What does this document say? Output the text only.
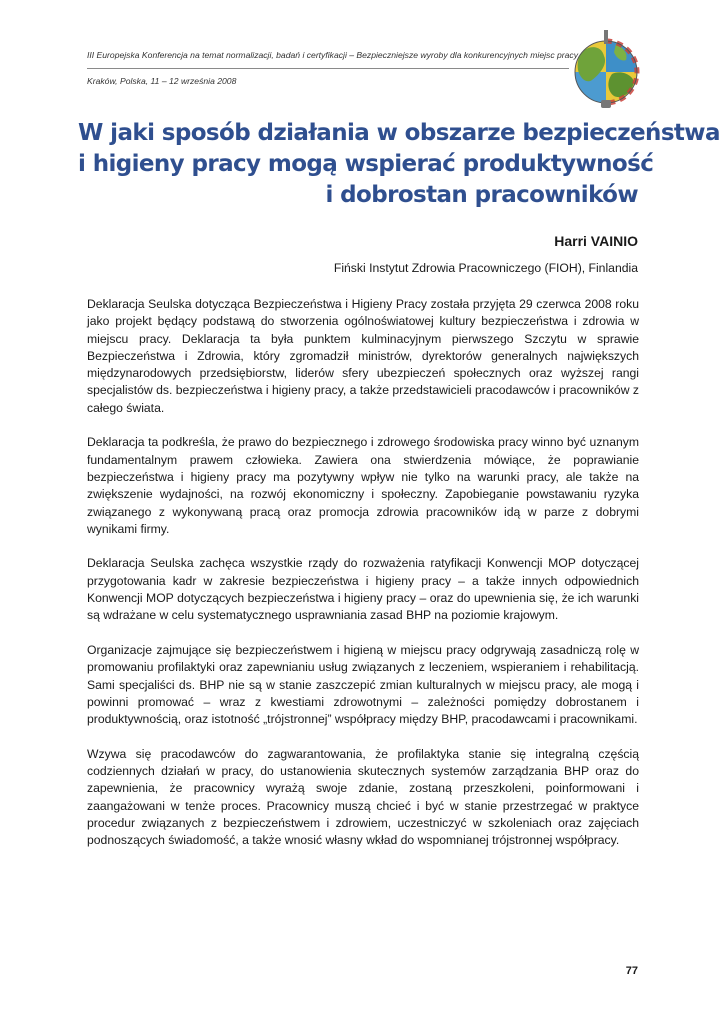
III Europejska Konferencja na temat normalizacji, badań i certyfikacji – Bezpieczniejsze wyroby dla konkurencyjnych miejsc pracy
Kraków, Polska, 11 – 12 września 2008
W jaki sposób działania w obszarze bezpieczeństwa
i higieny pracy mogą wspierać produktywność
i dobrostan pracowników
Harri VAINIO
Fiński Instytut Zdrowia Pracowniczego (FIOH), Finlandia

Deklaracja Seulska dotycząca Bezpieczeństwa i Higieny Pracy została przyjęta 29 czerwca 2008 roku jako projekt będący podstawą do stworzenia ogólnoświatowej kultury bezpieczeństwa i zdrowia w miejscu pracy. Deklaracja ta była punktem kulminacyjnym pierwszego Szczytu w sprawie Bezpieczeństwa i Zdrowia, który zgromadził ministrów, dyrektorów generalnych największych międzynarodowych przedsiębiorstw, liderów sfery ubezpieczeń społecznych oraz wyższej rangi specjalistów ds. bezpieczeństwa i higieny pracy, a także przedstawicieli pracodawców i pracowników z całego świata.

Deklaracja ta podkreśla, że prawo do bezpiecznego i zdrowego środowiska pracy winno być uznanym fundamentalnym prawem człowieka. Zawiera ona stwierdzenia mówiące, że poprawianie bezpieczeństwa i higieny pracy ma pozytywny wpływ nie tylko na warunki pracy, ale także na zwiększenie wydajności, na rozwój ekonomiczny i społeczny. Zapobieganie powstawaniu ryzyka związanego z wykonywaną pracą oraz promocja zdrowia pracowników idą w parze z dobrymi wynikami firmy.

Deklaracja Seulska zachęca wszystkie rządy do rozważenia ratyfikacji Konwencji MOP dotyczącej przygotowania kadr w zakresie bezpieczeństwa i higieny pracy – a także innych odpowiednich Konwencji MOP dotyczących bezpieczeństwa i higieny pracy – oraz do upewnienia się, że ich warunki są wdrażane w celu systematycznego usprawniania zasad BHP na poziomie krajowym.

Organizacje zajmujące się bezpieczeństwem i higieną w miejscu pracy odgrywają zasadniczą rolę w promowaniu profilaktyki oraz zapewnianiu usług związanych z leczeniem, wspieraniem i rehabilitacją. Sami specjaliści ds. BHP nie są w stanie zaszczepić zmian kulturalnych w miejscu pracy, ale mogą i powinni promować – wraz z kwestiami zdrowotnymi – zależności pomiędzy dobrostanem i produktywnością, oraz istotność „trójstronnej” współpracy między BHP, pracodawcami i pracownikami.

Wzywa się pracodawców do zagwarantowania, że profilaktyka stanie się integralną częścią codziennych działań w pracy, do ustanowienia skutecznych systemów zarządzania BHP oraz do zapewnienia, że pracownicy wyrażą swoje zdanie, zostaną przeszkoleni, poinformowani i zaangażowani w tenże proces. Pracownicy muszą chcieć i być w stanie przestrzegać w praktyce procedur związanych z bezpieczeństwem i zdrowiem, uczestniczyć w szkoleniach oraz zajęciach podnoszących świadomość, a także wnosić własny wkład do wspomnianej trójstronnej współpracy.

77
